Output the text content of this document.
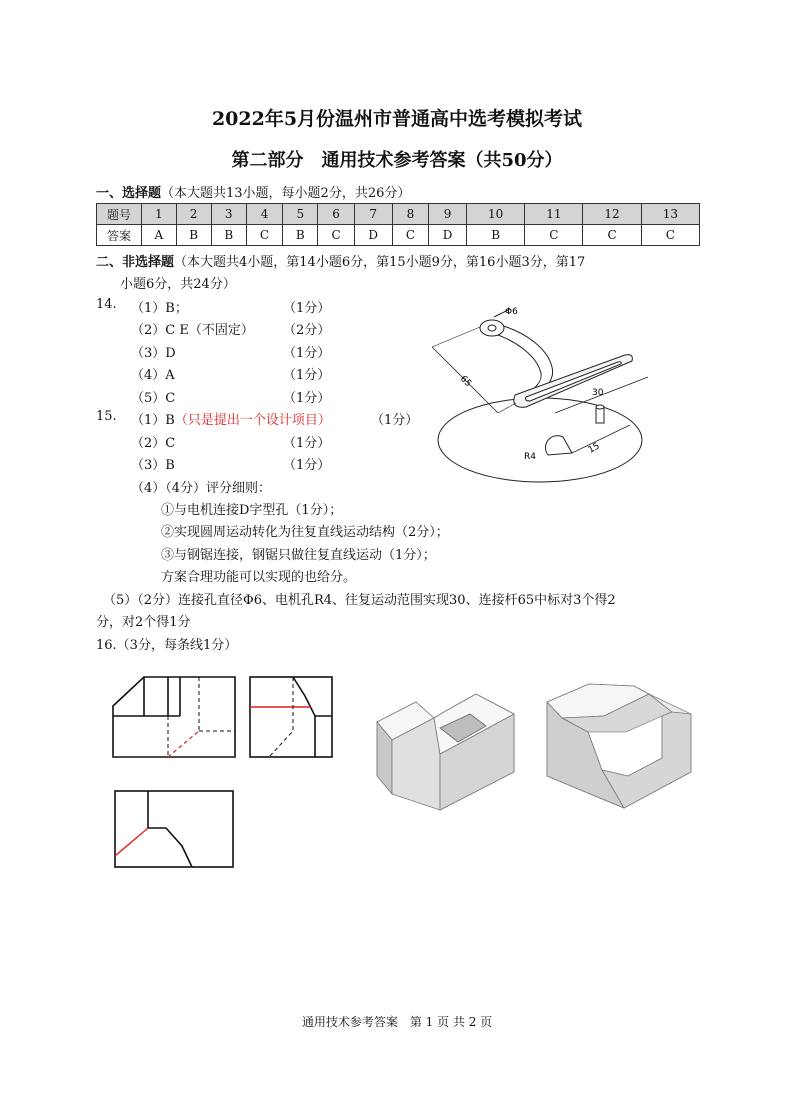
2022年5月份温州市普通高中选考模拟考试
第二部分　通用技术参考答案（共50分）
一、选择题（本大题共13小题，每小题2分，共26分）
题号	1	2	3	4	5	6	7	8	9	10	11	12	13
答案	A	B	B	C	B	C	D	C	D	B	C	C	C
二、非选择题（本大题共4小题，第14小题6分，第15小题9分，第16小题3分，第17
小题6分，共24分）
14. （1）B；	（1分）
（2）C E（不固定） （2分）
（3）D	（1分）
（4）A	（1分）
（5）C	（1分）
15. （1）B（只是提出一个设计项目）	（1分）
（2）C	（1分）
（3）B	（1分）
（4）（4分）评分细则：
①与电机连接D字型孔（1分）；
②实现圆周运动转化为往复直线运动结构（2分）；
③与钢锯连接，钢锯只做往复直线运动（1分）；
方案合理功能可以实现的也给分。
（5）（2分）连接孔直径Φ6、电机孔R4、往复运动范围实现30、连接杆65中标对3个得2
分，对2个得1分
16.（3分，每条线1分）
Φ6
65
30
15
R4
通用技术参考答案　第 1 页 共 2 页
